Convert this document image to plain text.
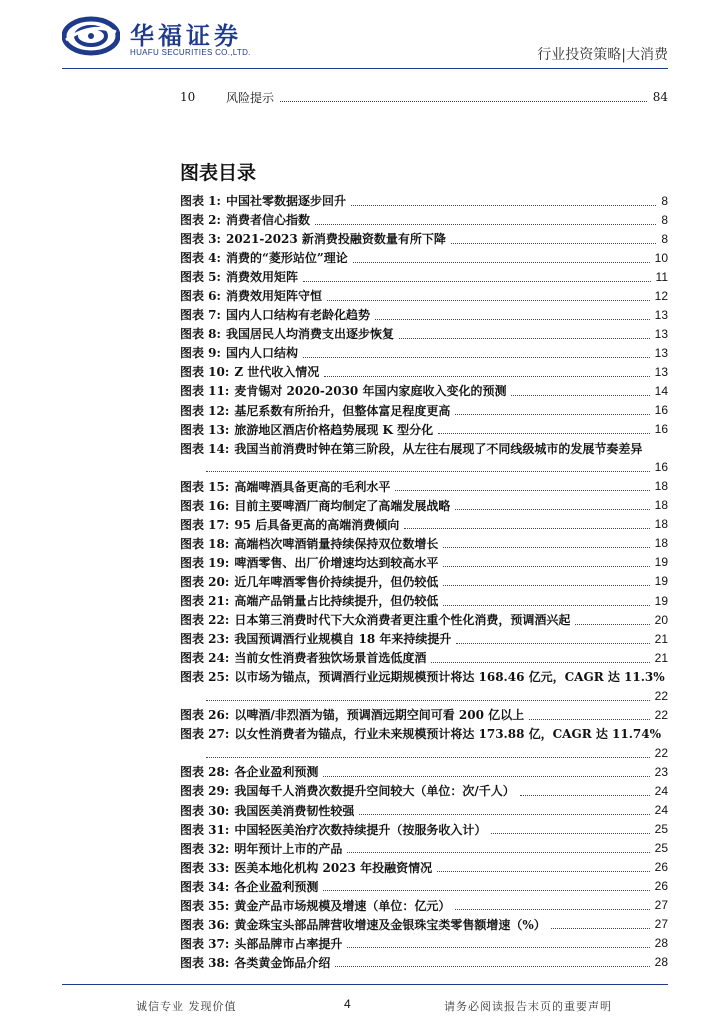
华福证券
HUAFU SECURITIES CO.,LTD.	行业投资策略|大消费
10	风险提示	84
图表目录
图表 1: 中国社零数据逐步回升	8
图表 2: 消费者信心指数	8
图表 3: 2021-2023 新消费投融资数量有所下降	8
图表 4: 消费的“菱形站位”理论	10
图表 5: 消费效用矩阵	11
图表 6: 消费效用矩阵守恒	12
图表 7: 国内人口结构有老龄化趋势	13
图表 8: 我国居民人均消费支出逐步恢复	13
图表 9: 国内人口结构	13
图表 10: Z 世代收入情况	13
图表 11: 麦肯锡对 2020-2030 年国内家庭收入变化的预测	14
图表 12: 基尼系数有所抬升，但整体富足程度更高	16
图表 13: 旅游地区酒店价格趋势展现 K 型分化	16
图表 14: 我国当前消费时钟在第三阶段，从左往右展现了不同线级城市的发展节奏差异
16
图表 15: 高端啤酒具备更高的毛利水平	18
图表 16: 目前主要啤酒厂商均制定了高端发展战略	18
图表 17: 95 后具备更高的高端消费倾向	18
图表 18: 高端档次啤酒销量持续保持双位数增长	18
图表 19: 啤酒零售、出厂价增速均达到较高水平	19
图表 20: 近几年啤酒零售价持续提升，但仍较低	19
图表 21: 高端产品销量占比持续提升，但仍较低	19
图表 22: 日本第三消费时代下大众消费者更注重个性化消费，预调酒兴起	20
图表 23: 我国预调酒行业规模自 18 年来持续提升	21
图表 24: 当前女性消费者独饮场景首选低度酒	21
图表 25: 以市场为锚点，预调酒行业远期规模预计将达 168.46 亿元，CAGR 达 11.3%
22
图表 26: 以啤酒/非烈酒为锚，预调酒远期空间可看 200 亿以上	22
图表 27: 以女性消费者为锚点，行业未来规模预计将达 173.88 亿，CAGR 达 11.74%
22
图表 28: 各企业盈利预测	23
图表 29: 我国每千人消费次数提升空间较大（单位：次/千人）	24
图表 30: 我国医美消费韧性较强	24
图表 31: 中国轻医美治疗次数持续提升（按服务收入计）	25
图表 32: 明年预计上市的产品	25
图表 33: 医美本地化机构 2023 年投融资情况	26
图表 34: 各企业盈利预测	26
图表 35: 黄金产品市场规模及增速（单位：亿元）	27
图表 36: 黄金珠宝头部品牌营收增速及金银珠宝类零售额增速（%）	27
图表 37: 头部品牌市占率提升	28
图表 38: 各类黄金饰品介绍	28
诚信专业 发现价值	4	请务必阅读报告末页的重要声明
